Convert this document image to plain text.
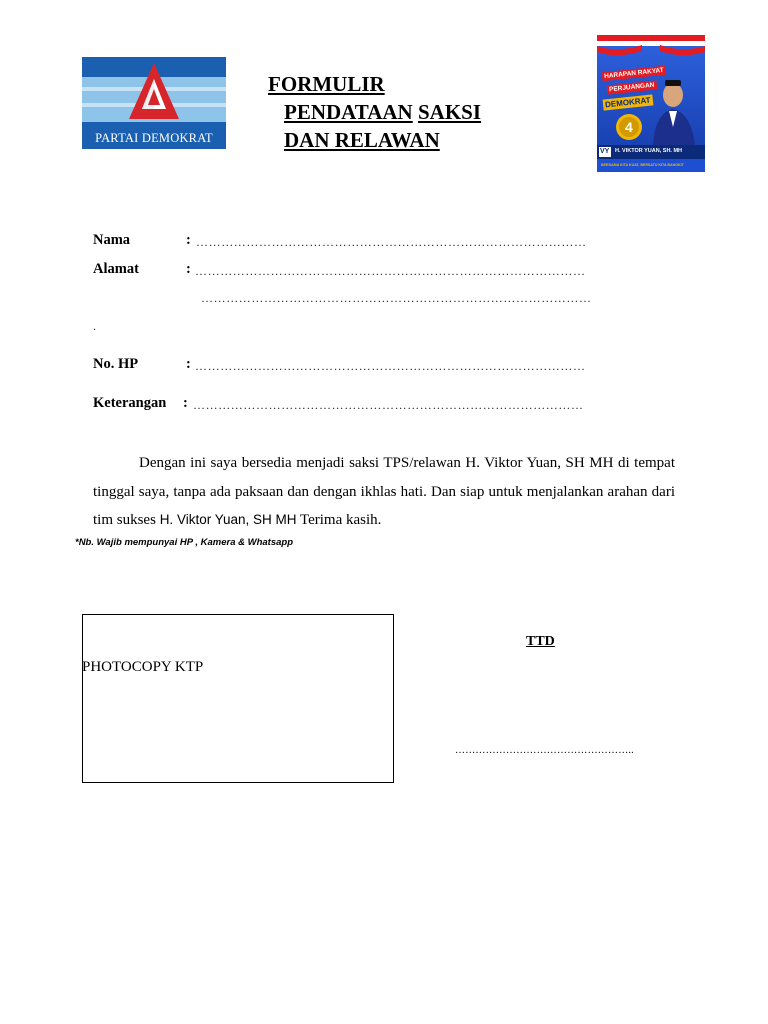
PARTAI DEMOKRAT
FORMULIR
PENDATAAN SAKSI
DAN RELAWAN
HARAPAN RAKYAT
PERJUANGAN
DEMOKRAT
4
VY H. VIKTOR YUAN, SH. MH
BERSAMA KITA KUAT, BERSATU KITA BANGKIT
Nama	: …………………………………………………………………………………
Alamat	: …………………………………………………………………………………
…………………………………………………………………………………
.
No. HP	: …………………………………………………………………………………
Keterangan : …………………………………………………………………………………
Dengan ini saya bersedia menjadi saksi TPS/relawan H. Viktor Yuan, SH MH di tempat tinggal saya, tanpa ada paksaan dan dengan ikhlas hati. Dan siap untuk menjalankan arahan dari tim sukses H. Viktor Yuan, SH MH Terima kasih.
*Nb. Wajib mempunyai HP , Kamera & Whatsapp
PHOTOCOPY KTP
TTD
……………………………………………..
